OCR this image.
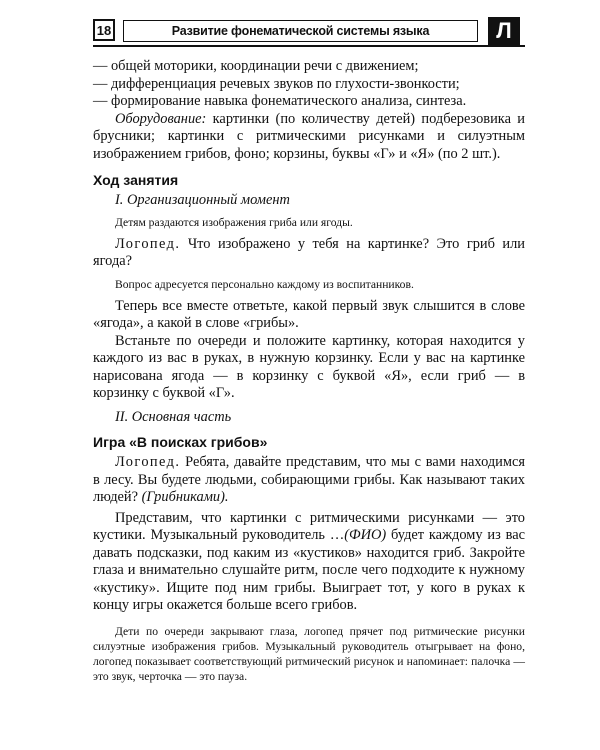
18	Развитие фонематической системы языка	Л

— общей моторики, координации речи с движением;

— дифференциация речевых звуков по глухости-звонкости;

— формирование навыка фонематического анализа, синтеза.

Оборудование: картинки (по количеству детей) подберезовика и брусники; картинки с ритмическими рисунками и силуэтным изображением грибов, фоно; корзины, буквы «Г» и «Я» (по 2 шт.).

Ход занятия

I. Организационный момент

Детям раздаются изображения гриба или ягоды.

Логопед. Что изображено у тебя на картинке? Это гриб или ягода?

Вопрос адресуется персонально каждому из воспитанников.

Теперь все вместе ответьте, какой первый звук слышится в слове «ягода», а какой в слове «грибы».

Встаньте по очереди и положите картинку, которая находится у каждого из вас в руках, в нужную корзинку. Если у вас на картинке нарисована ягода — в корзинку с буквой «Я», если гриб — в корзинку с буквой «Г».

II. Основная часть

Игра «В поисках грибов»

Логопед. Ребята, давайте представим, что мы с вами находимся в лесу. Вы будете людьми, собирающими грибы. Как называют таких людей? (Грибниками).

Представим, что картинки с ритмическими рисунками — это кустики. Музыкальный руководитель …(ФИО) будет каждому из вас давать подсказки, под каким из «кустиков» находится гриб. Закройте глаза и внимательно слушайте ритм, после чего подходите к нужному «кустику». Ищите под ним грибы. Выиграет тот, у кого в руках к концу игры окажется больше всего грибов.

Дети по очереди закрывают глаза, логопед прячет под ритмические рисунки силуэтные изображения грибов. Музыкальный руководитель отыгрывает на фоно, логопед показывает соответствующий ритмический рисунок и напоминает: палочка — это звук, черточка — это пауза.
